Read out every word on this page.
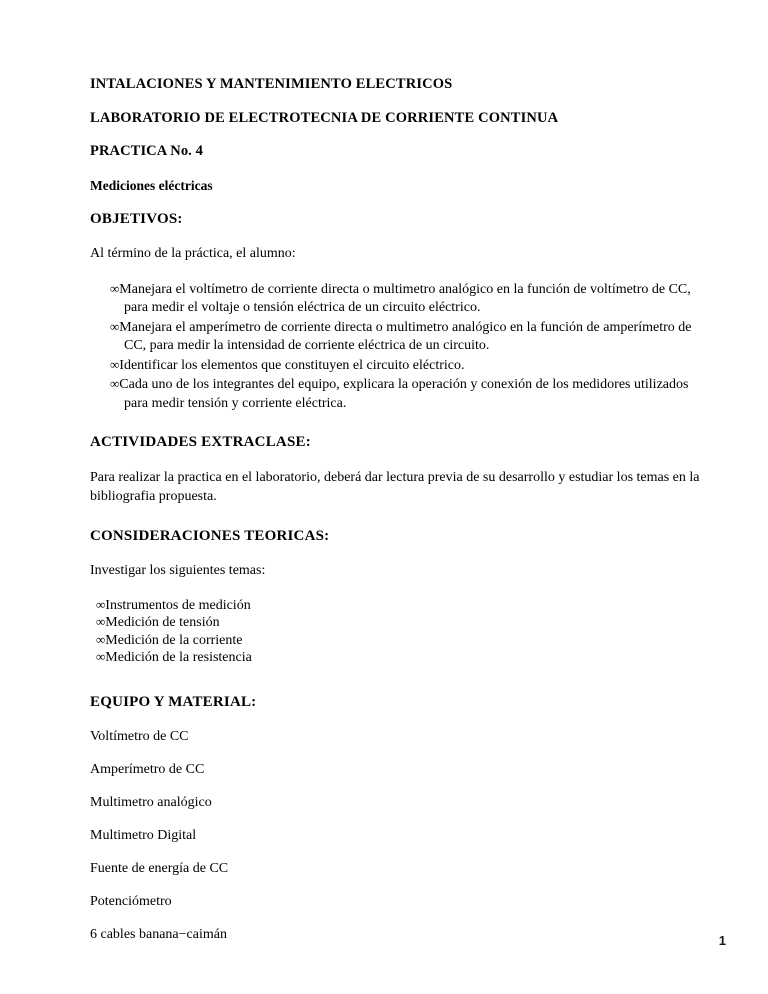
INTALACIONES Y MANTENIMIENTO ELECTRICOS

LABORATORIO DE ELECTROTECNIA DE CORRIENTE CONTINUA

PRACTICA No. 4

Mediciones eléctricas

OBJETIVOS:

Al término de la práctica, el alumno:

∞Manejara el voltímetro de corriente directa o multimetro analógico en la función de voltímetro de CC, para medir el voltaje o tensión eléctrica de un circuito eléctrico.
∞Manejara el amperímetro de corriente directa o multimetro analógico en la función de amperímetro de CC, para medir la intensidad de corriente eléctrica de un circuito.
∞Identificar los elementos que constituyen el circuito eléctrico.
∞Cada uno de los integrantes del equipo, explicara la operación y conexión de los medidores utilizados para medir tensión y corriente eléctrica.

ACTIVIDADES EXTRACLASE:

Para realizar la practica en el laboratorio, deberá dar lectura previa de su desarrollo y estudiar los temas en la bibliografia propuesta.

CONSIDERACIONES TEORICAS:

Investigar los siguientes temas:

∞Instrumentos de medición
∞Medición de tensión
∞Medición de la corriente
∞Medición de la resistencia

EQUIPO Y MATERIAL:

Voltímetro de CC
Amperímetro de CC
Multimetro analógico
Multimetro Digital
Fuente de energía de CC
Potenciómetro
6 cables banana−caimán	1
